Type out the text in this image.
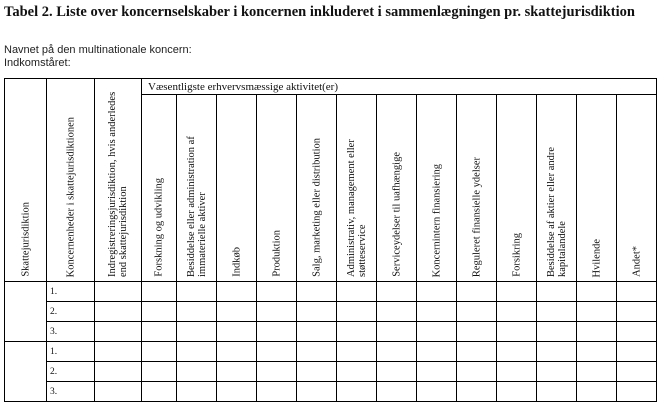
Tabel 2. Liste over koncernselskaber i koncernen inkluderet i sammenlægningen pr. skattejurisdiktion
Navnet på den multinationale koncern:
Indkomståret:
Skattejurisdiktion	Koncernenheder i skattejurisdiktionen	Indregistreringsjurisdiktion, hvis anderledes end skattejurisdiktion	Væsentligste erhvervsmæssige aktivitet(er)												

			Forskning og udvikling	Besiddelse eller administration af immaterielle aktiver	Indkøb	Produktion	Salg, marketing eller distribution	Administrativ, management eller støtteservice	Serviceydelser til uafhængige	Koncernintern finansiering	Reguleret finansielle ydelser	Forsikring	Besiddelse af aktier eller andre kapitalandele	Hvilende	Andet*

	1.														
	2.														
	3.														
	1.														
	2.														
	3.														
